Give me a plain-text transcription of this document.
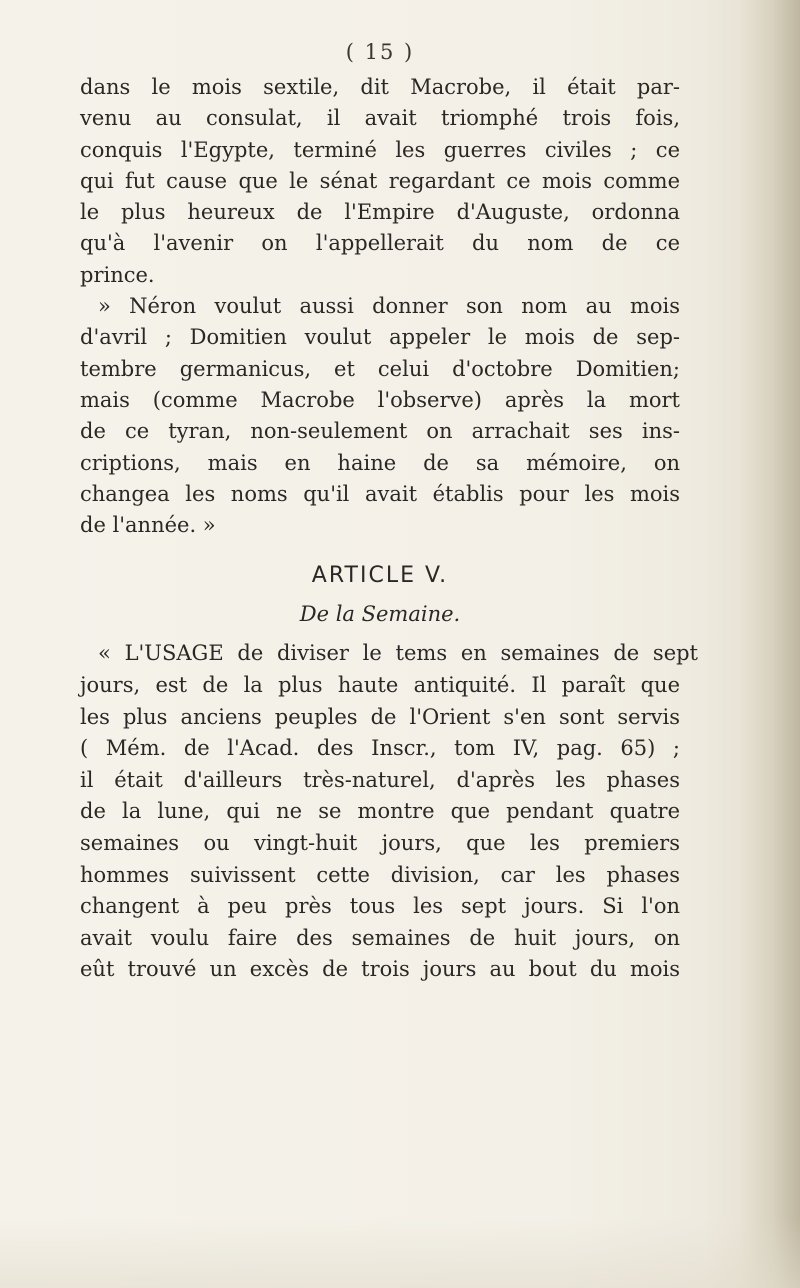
( 15 )
dans le mois sextile, dit Macrobe, il était par-
venu au consulat, il avait triomphé trois fois,
conquis l'Egypte, terminé les guerres civiles ; ce
qui fut cause que le sénat regardant ce mois comme
le plus heureux de l'Empire d'Auguste, ordonna
qu'à l'avenir on l'appellerait du nom de ce
prince.
» Néron voulut aussi donner son nom au mois
d'avril ; Domitien voulut appeler le mois de sep-
tembre germanicus, et celui d'octobre Domitien;
mais (comme Macrobe l'observe) après la mort
de ce tyran, non-seulement on arrachait ses ins-
criptions, mais en haine de sa mémoire, on
changea les noms qu'il avait établis pour les mois
de l'année. »
ARTICLE V.
De la Semaine.
« L'USAGE de diviser le tems en semaines de sept
jours, est de la plus haute antiquité. Il paraît que
les plus anciens peuples de l'Orient s'en sont servis
( Mém. de l'Acad. des Inscr., tom IV, pag. 65) ;
il était d'ailleurs très-naturel, d'après les phases
de la lune, qui ne se montre que pendant quatre
semaines ou vingt-huit jours, que les premiers
hommes suivissent cette division, car les phases
changent à peu près tous les sept jours. Si l'on
avait voulu faire des semaines de huit jours, on
eût trouvé un excès de trois jours au bout du mois
